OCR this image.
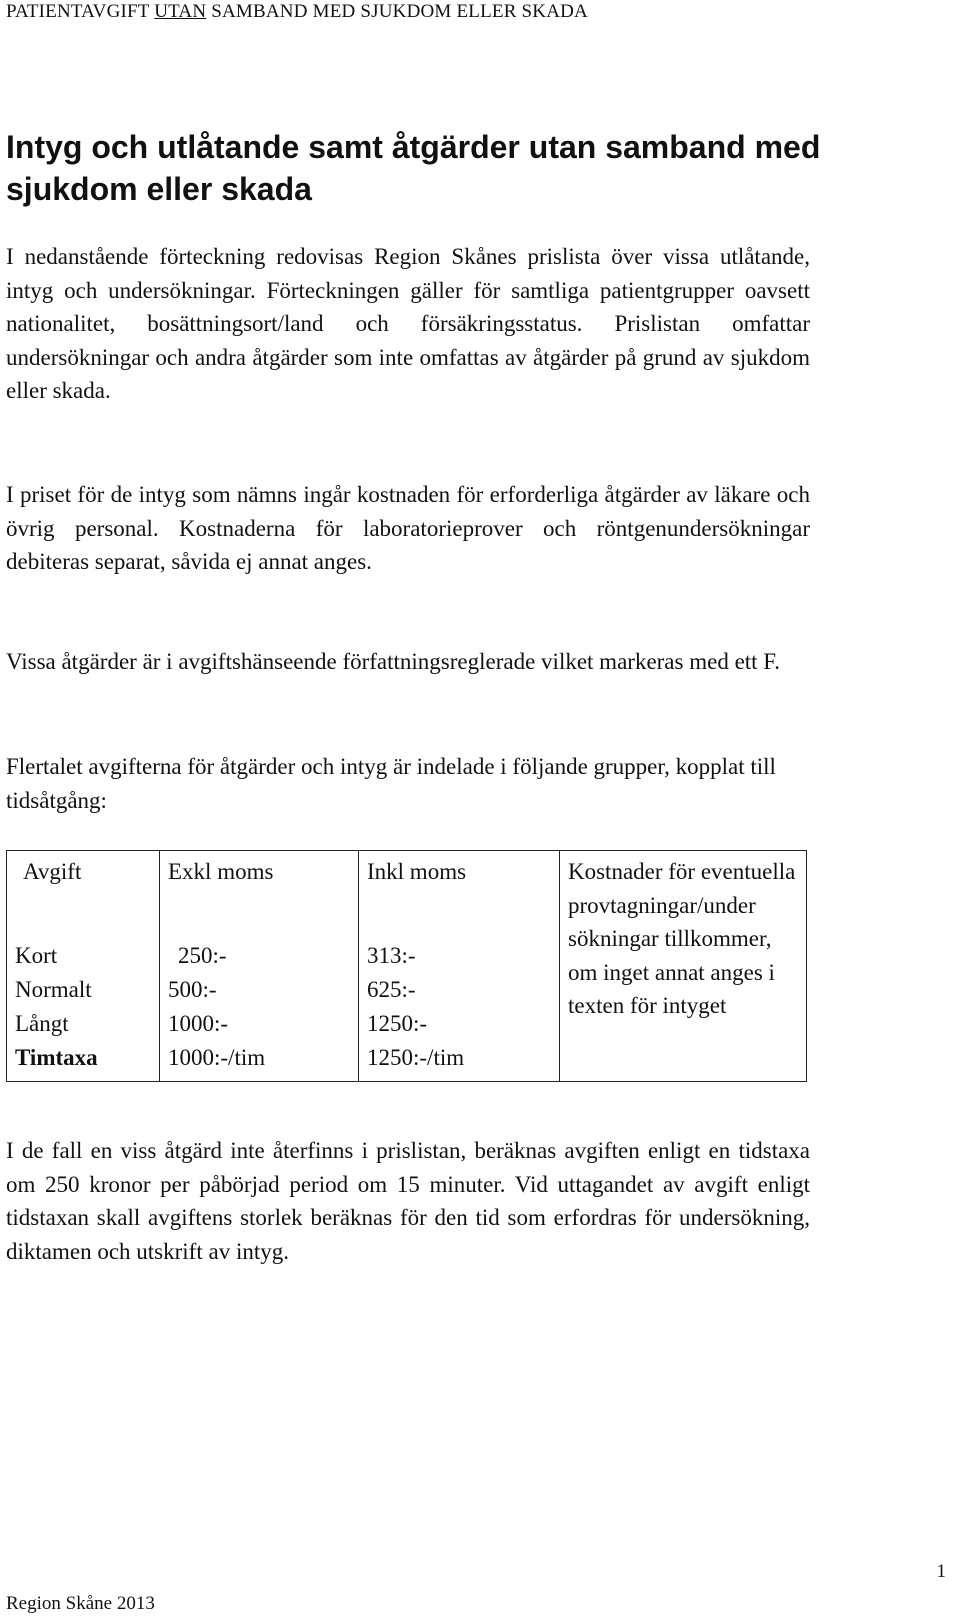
PATIENTAVGIFT UTAN SAMBAND MED SJUKDOM ELLER SKADA
Intyg och utlåtande samt åtgärder utan samband med sjukdom eller skada

I nedanstående förteckning redovisas Region Skånes prislista över vissa utlåtande, intyg och undersökningar. Förteckningen gäller för samtliga patientgrupper oavsett nationalitet, bosättningsort/land och försäkringsstatus. Prislistan omfattar undersökningar och andra åtgärder som inte omfattas av åtgärder på grund av sjukdom eller skada.

I priset för de intyg som nämns ingår kostnaden för erforderliga åtgärder av läkare och övrig personal. Kostnaderna för laboratorieprover och röntgenundersökningar debiteras separat, såvida ej annat anges.

Vissa åtgärder är i avgiftshänseende författningsreglerade vilket markeras med ett F.

Flertalet avgifterna för åtgärder och intyg är indelade i följande grupper, kopplat till tidsåtgång:

Avgift	Exkl moms	Inkl moms	Kostnader för eventuella provtagningar/under sökningar tillkommer, om inget annat anges i texten för intyget
Kort	250:-	313:-	
Normalt	500:-	625:-	
Långt	1000:-	1250:-	
Timtaxa	1000:-/tim	1250:-/tim	

I de fall en viss åtgärd inte återfinns i prislistan, beräknas avgiften enligt en tidstaxa om 250 kronor per påbörjad period om 15 minuter. Vid uttagandet av avgift enligt tidstaxan skall avgiftens storlek beräknas för den tid som erfordras för undersökning, diktamen och utskrift av intyg.

1
Region Skåne 2013
